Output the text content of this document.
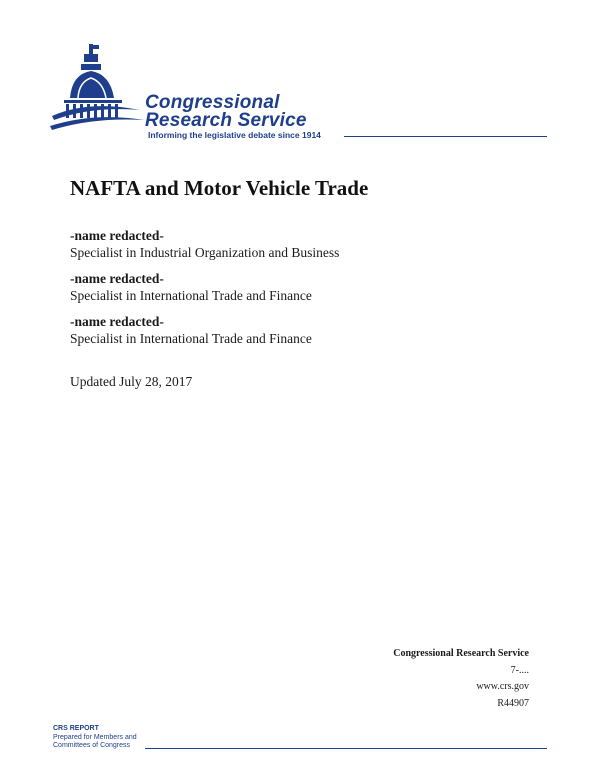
Congressional
Research Service
Informing the legislative debate since 1914
NAFTA and Motor Vehicle Trade
-name redacted-
Specialist in Industrial Organization and Business
-name redacted-
Specialist in International Trade and Finance
-name redacted-
Specialist in International Trade and Finance
Updated July 28, 2017
Congressional Research Service
7-....
www.crs.gov
R44907
CRS REPORT
Prepared for Members and
Committees of Congress
